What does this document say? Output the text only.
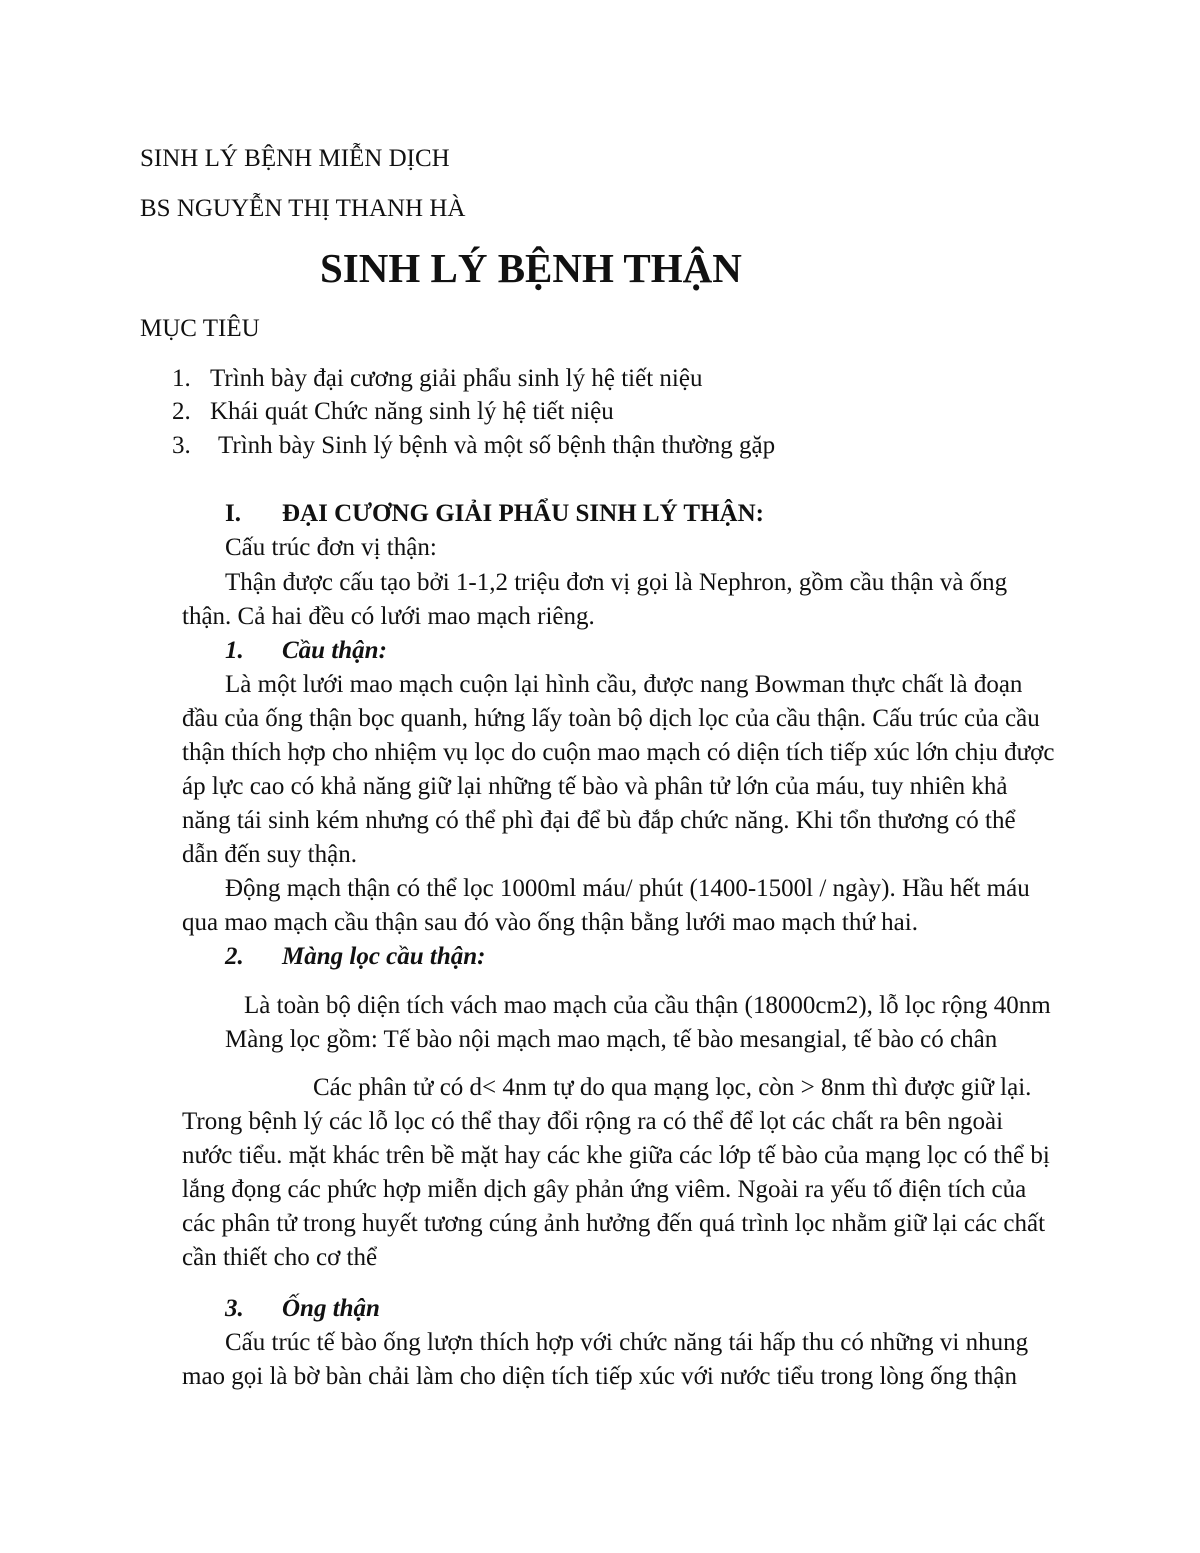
SINH LÝ BỆNH MIỄN DỊCH
BS NGUYỄN THỊ THANH HÀ
SINH LÝ BỆNH THẬN
MỤC TIÊU
1. Trình bày đại cương giải phẩu sinh lý hệ tiết niệu
2. Khái quát Chức năng sinh lý hệ tiết niệu
3. Trình bày Sinh lý bệnh và một số bệnh thận thường gặp
I. ĐẠI CƯƠNG GIẢI PHẨU SINH LÝ THẬN:
Cấu trúc đơn vị thận:
Thận được cấu tạo bởi 1-1,2 triệu đơn vị gọi là Nephron, gồm cầu thận và ống
thận. Cả hai đều có lưới mao mạch riêng.
1. Cầu thận:
Là một lưới mao mạch cuộn lại hình cầu, được nang Bowman thực chất là đoạn
đầu của ống thận bọc quanh, hứng lấy toàn bộ dịch lọc của cầu thận. Cấu trúc của cầu
thận thích hợp cho nhiệm vụ lọc do cuộn mao mạch có diện tích tiếp xúc lớn chịu được
áp lực cao có khả năng giữ lại những tế bào và phân tử lớn của máu, tuy nhiên khả
năng tái sinh kém nhưng có thể phì đại để bù đắp chức năng. Khi tổn thương có thể
dẫn đến suy thận.
Động mạch thận có thể lọc 1000ml máu/ phút (1400-1500l / ngày). Hầu hết máu
qua mao mạch cầu thận sau đó vào ống thận bằng lưới mao mạch thứ hai.
2. Màng lọc cầu thận:
Là toàn bộ diện tích vách mao mạch của cầu thận (18000cm2), lỗ lọc rộng 40nm
Màng lọc gồm: Tế bào nội mạch mao mạch, tế bào mesangial, tế bào có chân
Các phân tử có d< 4nm tự do qua mạng lọc, còn > 8nm thì được giữ lại.
Trong bệnh lý các lỗ lọc có thể thay đổi rộng ra có thể để lọt các chất ra bên ngoài
nước tiểu. mặt khác trên bề mặt hay các khe giữa các lớp tế bào của mạng lọc có thể bị
lắng đọng các phức hợp miễn dịch gây phản ứng viêm. Ngoài ra yếu tố điện tích của
các phân tử trong huyết tương cúng ảnh hưởng đến quá trình lọc nhằm giữ lại các chất
cần thiết cho cơ thể
3. Ống thận
Cấu trúc tế bào ống lượn thích hợp với chức năng tái hấp thu có những vi nhung
mao gọi là bờ bàn chải làm cho diện tích tiếp xúc với nước tiểu trong lòng ống thận
